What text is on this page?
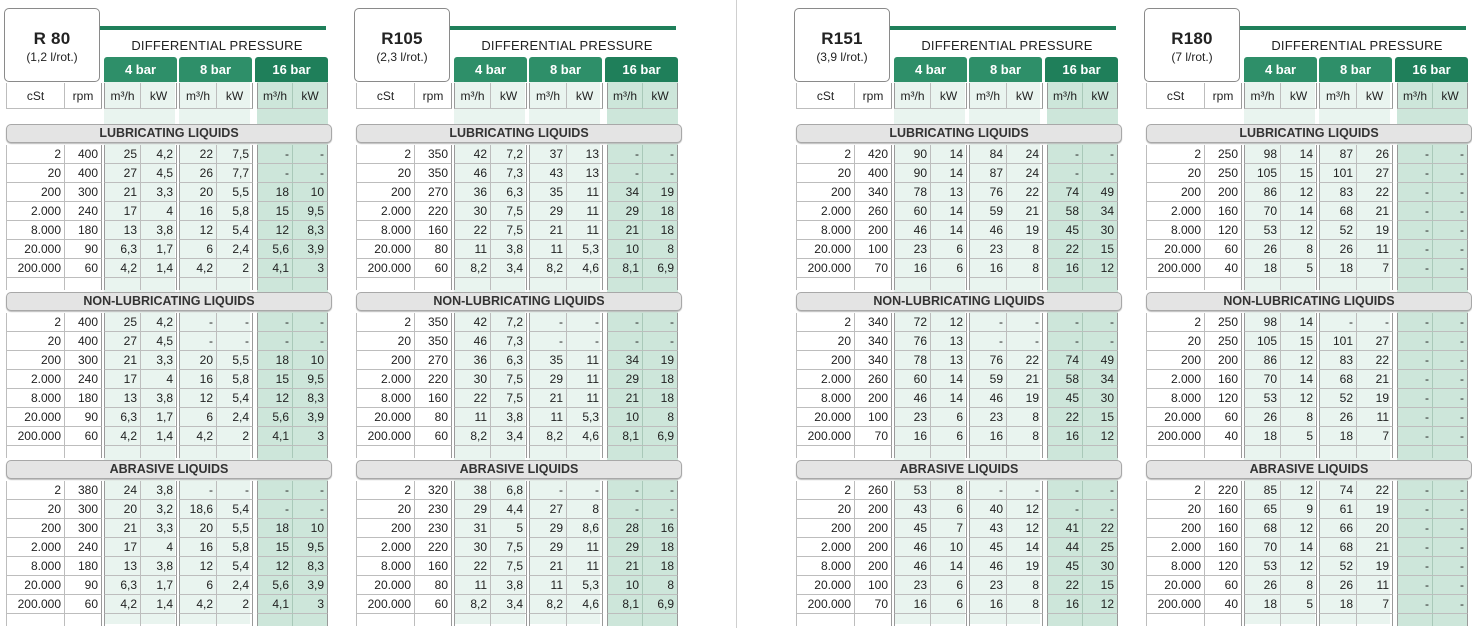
R 80
(1,2 l/rot.)
DIFFERENTIAL PRESSURE
4 bar	8 bar	16 bar
cSt	rpm	m³/h	kW	m³/h	kW	m³/h	kW
LUBRICATING LIQUIDS
2	400	25	4,2	22	7,5	-	-
20	400	27	4,5	26	7,7	-	-
200	300	21	3,3	20	5,5	18	10
2.000	240	17	4	16	5,8	15	9,5
8.000	180	13	3,8	12	5,4	12	8,3
20.000	90	6,3	1,7	6	2,4	5,6	3,9
200.000	60	4,2	1,4	4,2	2	4,1	3
NON-LUBRICATING LIQUIDS
2	400	25	4,2	-	-	-	-
20	400	27	4,5	-	-	-	-
200	300	21	3,3	20	5,5	18	10
2.000	240	17	4	16	5,8	15	9,5
8.000	180	13	3,8	12	5,4	12	8,3
20.000	90	6,3	1,7	6	2,4	5,6	3,9
200.000	60	4,2	1,4	4,2	2	4,1	3
ABRASIVE LIQUIDS
2	380	24	3,8	-	-	-	-
20	300	20	3,2	18,6	5,4	-	-
200	300	21	3,3	20	5,5	18	10
2.000	240	17	4	16	5,8	15	9,5
8.000	180	13	3,8	12	5,4	12	8,3
20.000	90	6,3	1,7	6	2,4	5,6	3,9
200.000	60	4,2	1,4	4,2	2	4,1	3
R105
(2,3 l/rot.)
DIFFERENTIAL PRESSURE
4 bar	8 bar	16 bar
cSt	rpm	m³/h	kW	m³/h	kW	m³/h	kW
LUBRICATING LIQUIDS
2	350	42	7,2	37	13	-	-
20	350	46	7,3	43	13	-	-
200	270	36	6,3	35	11	34	19
2.000	220	30	7,5	29	11	29	18
8.000	160	22	7,5	21	11	21	18
20.000	80	11	3,8	11	5,3	10	8
200.000	60	8,2	3,4	8,2	4,6	8,1	6,9
NON-LUBRICATING LIQUIDS
2	350	42	7,2	-	-	-	-
20	350	46	7,3	-	-	-	-
200	270	36	6,3	35	11	34	19
2.000	220	30	7,5	29	11	29	18
8.000	160	22	7,5	21	11	21	18
20.000	80	11	3,8	11	5,3	10	8
200.000	60	8,2	3,4	8,2	4,6	8,1	6,9
ABRASIVE LIQUIDS
2	320	38	6,8	-	-	-	-
20	230	29	4,4	27	8	-	-
200	230	31	5	29	8,6	28	16
2.000	220	30	7,5	29	11	29	18
8.000	160	22	7,5	21	11	21	18
20.000	80	11	3,8	11	5,3	10	8
200.000	60	8,2	3,4	8,2	4,6	8,1	6,9
R151
(3,9 l/rot.)
DIFFERENTIAL PRESSURE
4 bar	8 bar	16 bar
cSt	rpm	m³/h	kW	m³/h	kW	m³/h	kW
LUBRICATING LIQUIDS
2	420	90	14	84	24	-	-
20	400	90	14	87	24	-	-
200	340	78	13	76	22	74	49
2.000	260	60	14	59	21	58	34
8.000	200	46	14	46	19	45	30
20.000	100	23	6	23	8	22	15
200.000	70	16	6	16	8	16	12
NON-LUBRICATING LIQUIDS
2	340	72	12	-	-	-	-
20	340	76	13	-	-	-	-
200	340	78	13	76	22	74	49
2.000	260	60	14	59	21	58	34
8.000	200	46	14	46	19	45	30
20.000	100	23	6	23	8	22	15
200.000	70	16	6	16	8	16	12
ABRASIVE LIQUIDS
2	260	53	8	-	-	-	-
20	200	43	6	40	12	-	-
200	200	45	7	43	12	41	22
2.000	200	46	10	45	14	44	25
8.000	200	46	14	46	19	45	30
20.000	100	23	6	23	8	22	15
200.000	70	16	6	16	8	16	12
R180
(7 l/rot.)
DIFFERENTIAL PRESSURE
4 bar	8 bar	16 bar
cSt	rpm	m³/h	kW	m³/h	kW	m³/h	kW
LUBRICATING LIQUIDS
2	250	98	14	87	26	-	-
20	250	105	15	101	27	-	-
200	200	86	12	83	22	-	-
2.000	160	70	14	68	21	-	-
8.000	120	53	12	52	19	-	-
20.000	60	26	8	26	11	-	-
200.000	40	18	5	18	7	-	-
NON-LUBRICATING LIQUIDS
2	250	98	14	-	-	-	-
20	250	105	15	101	27	-	-
200	200	86	12	83	22	-	-
2.000	160	70	14	68	21	-	-
8.000	120	53	12	52	19	-	-
20.000	60	26	8	26	11	-	-
200.000	40	18	5	18	7	-	-
ABRASIVE LIQUIDS
2	220	85	12	74	22	-	-
20	160	65	9	61	19	-	-
200	160	68	12	66	20	-	-
2.000	160	70	14	68	21	-	-
8.000	120	53	12	52	19	-	-
20.000	60	26	8	26	11	-	-
200.000	40	18	5	18	7	-	-
